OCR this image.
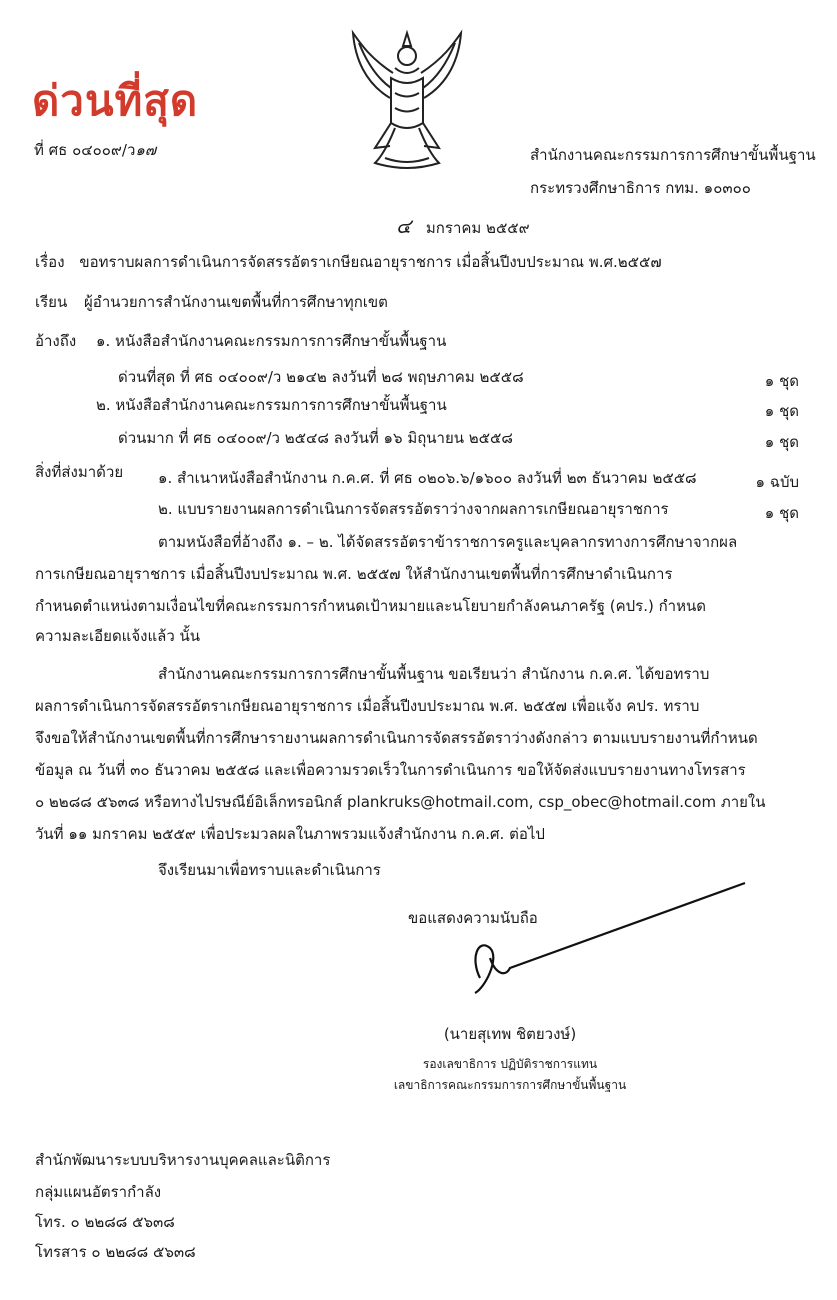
ด่วนที่สุด
ที่ ศธ ๐๔๐๐๙/ว๑๗	สำนักงานคณะกรรมการการศึกษาขั้นพื้นฐาน
กระทรวงศึกษาธิการ กทม. ๑๐๓๐๐
๔ มกราคม ๒๕๕๙
เรื่อง ขอทราบผลการดำเนินการจัดสรรอัตราเกษียณอายุราชการ เมื่อสิ้นปีงบประมาณ พ.ศ.๒๕๕๗
เรียน ผู้อำนวยการสำนักงานเขตพื้นที่การศึกษาทุกเขต
อ้างถึง ๑. หนังสือสำนักงานคณะกรรมการการศึกษาขั้นพื้นฐาน
ด่วนที่สุด ที่ ศธ ๐๔๐๐๙/ว ๒๑๔๒ ลงวันที่ ๒๘ พฤษภาคม ๒๕๕๘	๑ ชุด
๒. หนังสือสำนักงานคณะกรรมการการศึกษาขั้นพื้นฐาน	๑ ชุด
ด่วนมาก ที่ ศธ ๐๔๐๐๙/ว ๒๕๔๘ ลงวันที่ ๑๖ มิถุนายน ๒๕๕๘	๑ ชุด
สิ่งที่ส่งมาด้วย ๑. สำเนาหนังสือสำนักงาน ก.ค.ศ. ที่ ศธ ๐๒๐๖.๖/๑๖๐๐ ลงวันที่ ๒๓ ธันวาคม ๒๕๕๘	๑ ฉบับ
๒. แบบรายงานผลการดำเนินการจัดสรรอัตราว่างจากผลการเกษียณอายุราชการ	๑ ชุด
ตามหนังสือที่อ้างถึง ๑. – ๒. ได้จัดสรรอัตราข้าราชการครูและบุคลากรทางการศึกษาจากผล
การเกษียณอายุราชการ เมื่อสิ้นปีงบประมาณ พ.ศ. ๒๕๕๗ ให้สำนักงานเขตพื้นที่การศึกษาดำเนินการ
กำหนดตำแหน่งตามเงื่อนไขที่คณะกรรมการกำหนดเป้าหมายและนโยบายกำลังคนภาครัฐ (คปร.) กำหนด
ความละเอียดแจ้งแล้ว นั้น
สำนักงานคณะกรรมการการศึกษาขั้นพื้นฐาน ขอเรียนว่า สำนักงาน ก.ค.ศ. ได้ขอทราบ
ผลการดำเนินการจัดสรรอัตราเกษียณอายุราชการ เมื่อสิ้นปีงบประมาณ พ.ศ. ๒๕๕๗ เพื่อแจ้ง คปร. ทราบ
จึงขอให้สำนักงานเขตพื้นที่การศึกษารายงานผลการดำเนินการจัดสรรอัตราว่างดังกล่าว ตามแบบรายงานที่กำหนด
ข้อมูล ณ วันที่ ๓๐ ธันวาคม ๒๕๕๘ และเพื่อความรวดเร็วในการดำเนินการ ขอให้จัดส่งแบบรายงานทางโทรสาร
๐ ๒๒๘๘ ๕๖๓๘ หรือทางไปรษณีย์อิเล็กทรอนิกส์ plankruks@hotmail.com, csp_obec@hotmail.com ภายใน
วันที่ ๑๑ มกราคม ๒๕๕๙ เพื่อประมวลผลในภาพรวมแจ้งสำนักงาน ก.ค.ศ. ต่อไป
จึงเรียนมาเพื่อทราบและดำเนินการ
ขอแสดงความนับถือ
(นายสุเทพ ชิตยวงษ์)
รองเลขาธิการ ปฏิบัติราชการแทน
เลขาธิการคณะกรรมการการศึกษาขั้นพื้นฐาน
สำนักพัฒนาระบบบริหารงานบุคคลและนิติการ
กลุ่มแผนอัตรากำลัง
โทร. ๐ ๒๒๘๘ ๕๖๓๘
โทรสาร ๐ ๒๒๘๘ ๕๖๓๘
